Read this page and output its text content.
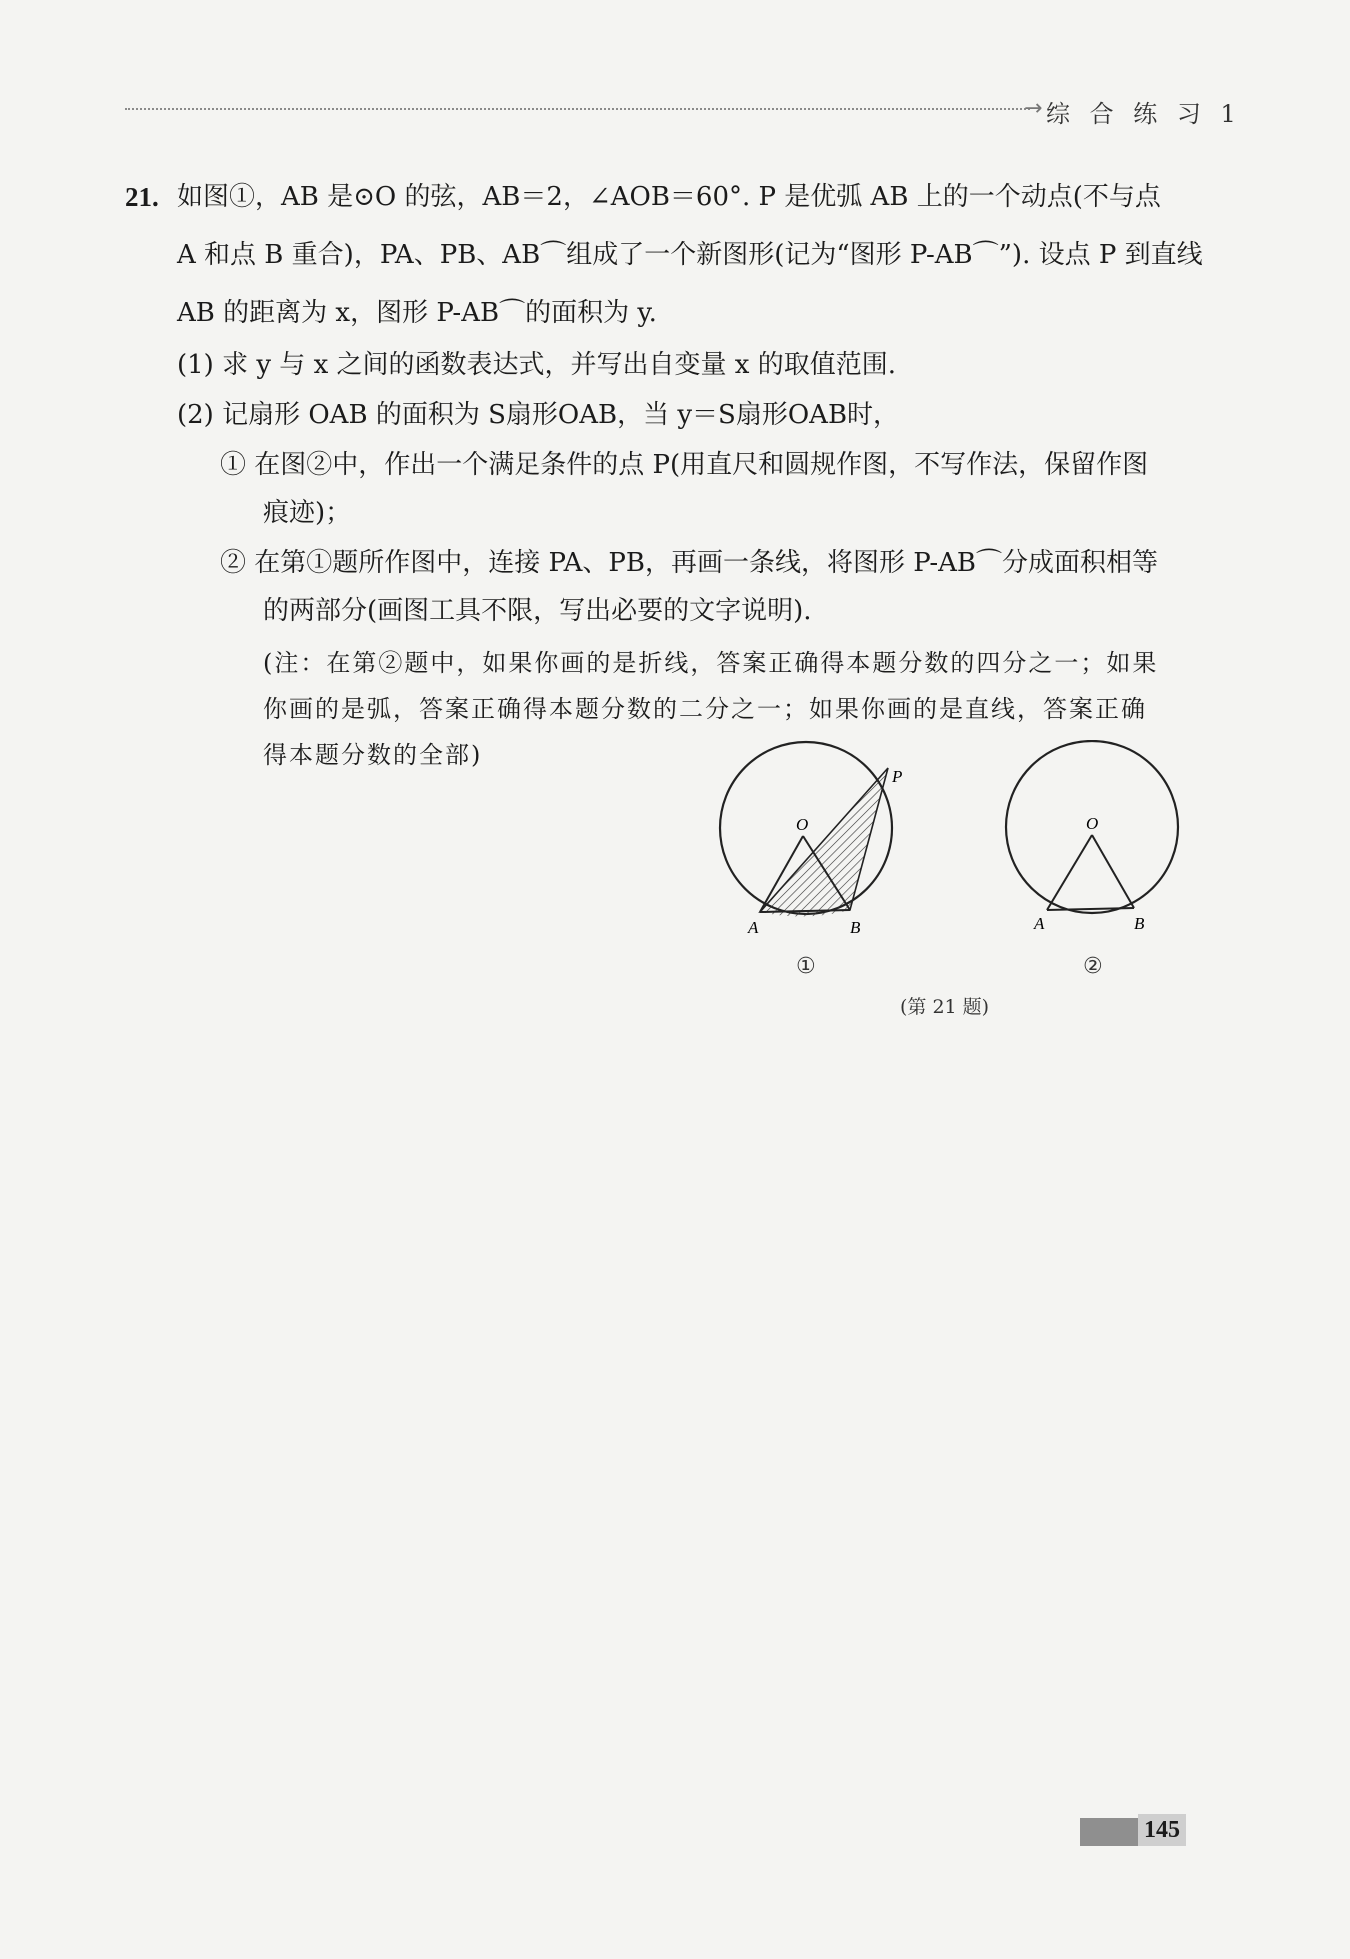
→ 综 合 练 习 1
21. 如图①，AB 是⊙O 的弦，AB＝2，∠AOB＝60°. P 是优弧 AB 上的一个动点(不与点
A 和点 B 重合)，PA、PB、AB⌒组成了一个新图形(记为“图形 P-AB⌒”). 设点 P 到直线
AB 的距离为 x，图形 P-AB⌒的面积为 y.
(1) 求 y 与 x 之间的函数表达式，并写出自变量 x 的取值范围.
(2) 记扇形 OAB 的面积为 S扇形OAB，当 y＝S扇形OAB时，
① 在图②中，作出一个满足条件的点 P(用直尺和圆规作图，不写作法，保留作图
痕迹)；
② 在第①题所作图中，连接 PA、PB，再画一条线，将图形 P-AB⌒分成面积相等
的两部分(画图工具不限，写出必要的文字说明).
(注：在第②题中，如果你画的是折线，答案正确得本题分数的四分之一；如果
你画的是弧，答案正确得本题分数的二分之一；如果你画的是直线，答案正确
得本题分数的全部)
O
P
A	B
O
A	B
①	②
(第 21 题)
145
